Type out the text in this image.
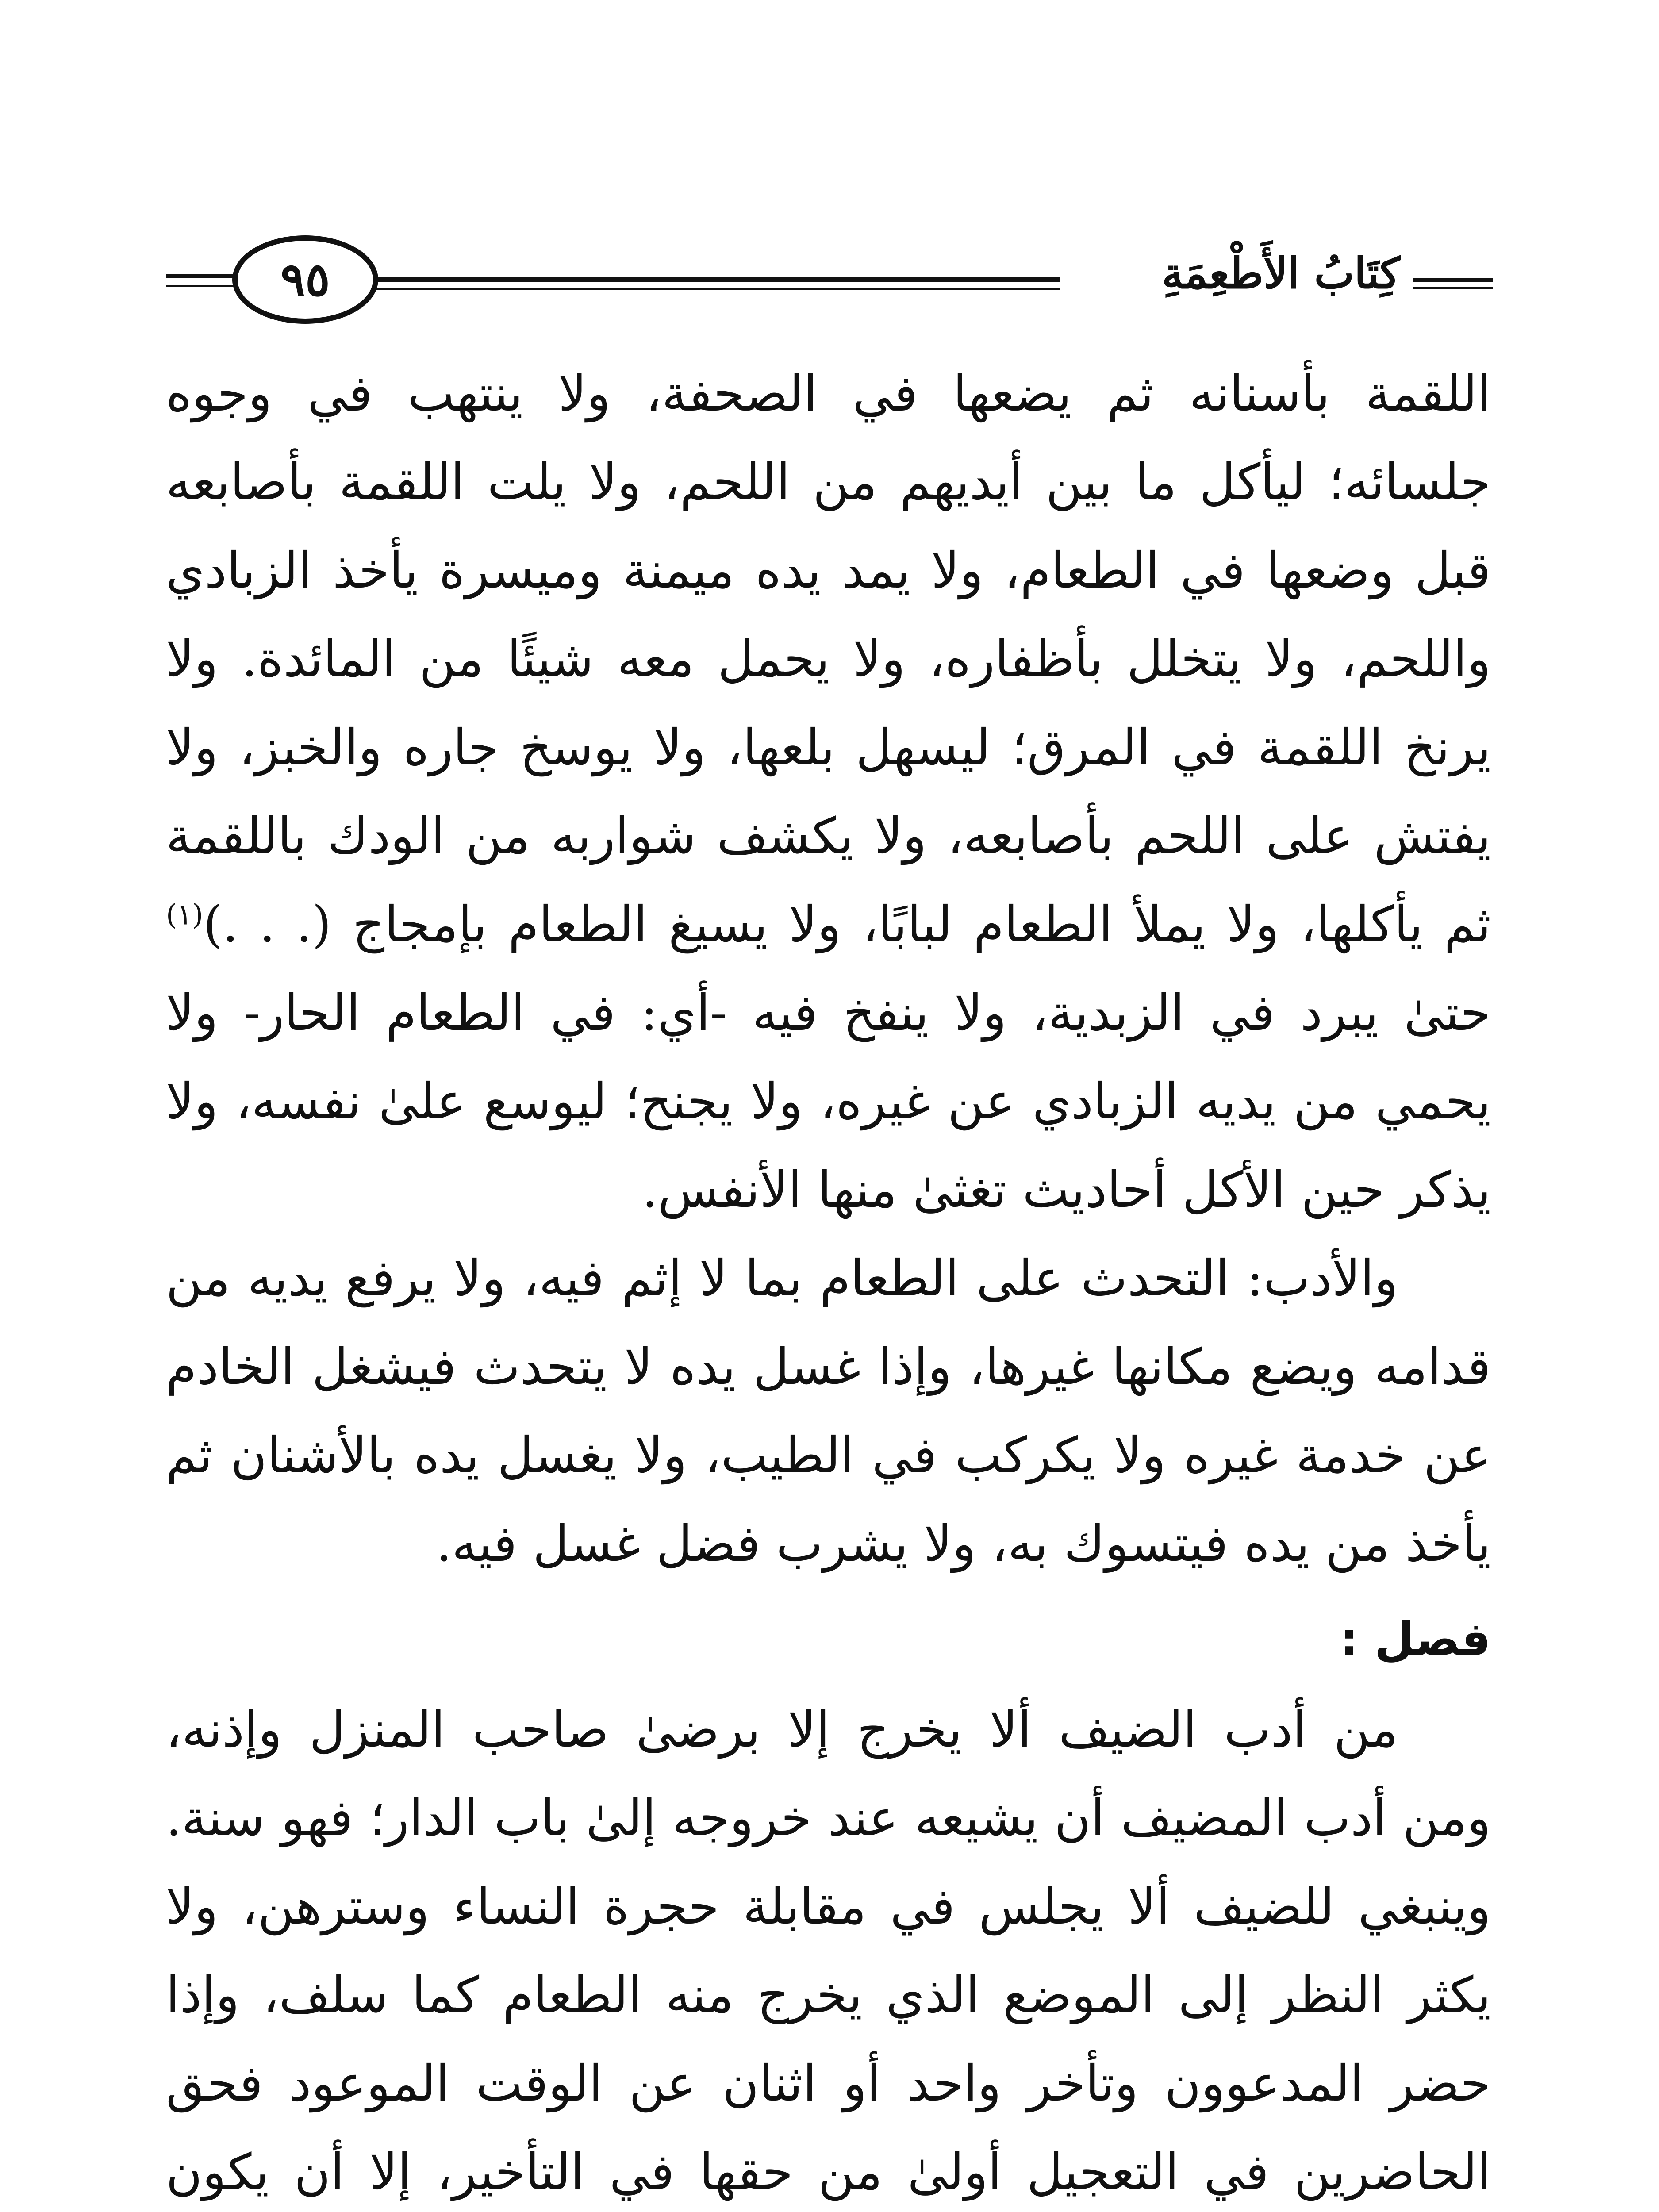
كِتَابُ الأَطْعِمَةِ
٩٥

اللقمة بأسنانه ثم يضعها في الصحفة، ولا ينتهب في وجوه جلسائه؛ ليأكل ما بين أيديهم من اللحم، ولا يلت اللقمة بأصابعه قبل وضعها في الطعام، ولا يمد يده ميمنة وميسرة يأخذ الزبادي واللحم، ولا يتخلل بأظفاره، ولا يحمل معه شيئًا من المائدة. ولا يرنخ اللقمة في المرق؛ ليسهل بلعها، ولا يوسخ جاره والخبز، ولا يفتش على اللحم بأصابعه، ولا يكشف شواربه من الودك باللقمة ثم يأكلها، ولا يملأ الطعام لبابًا، ولا يسيغ الطعام بإمجاج (. . .)$^{(١)}$ حتىٰ يبرد في الزبدية، ولا ينفخ فيه -أي: في الطعام الحار- ولا يحمي من يديه الزبادي عن غيره، ولا يجنح؛ ليوسع علىٰ نفسه، ولا يذكر حين الأكل أحاديث تغثىٰ منها الأنفس.

والأدب: التحدث على الطعام بما لا إثم فيه، ولا يرفع يديه من قدامه ويضع مكانها غيرها، وإذا غسل يده لا يتحدث فيشغل الخادم عن خدمة غيره ولا يكركب في الطيب، ولا يغسل يده بالأشنان ثم يأخذ من يده فيتسوك به، ولا يشرب فضل غسل فيه.

فصل :

من أدب الضيف ألا يخرج إلا برضىٰ صاحب المنزل وإذنه، ومن أدب المضيف أن يشيعه عند خروجه إلىٰ باب الدار؛ فهو سنة. وينبغي للضيف ألا يجلس في مقابلة حجرة النساء وسترهن، ولا يكثر النظر إلى الموضع الذي يخرج منه الطعام كما سلف، وإذا حضر المدعوون وتأخر واحد أو اثنان عن الوقت الموعود فحق الحاضرين في التعجيل أولىٰ من حقها في التأخير، إلا أن يكون
